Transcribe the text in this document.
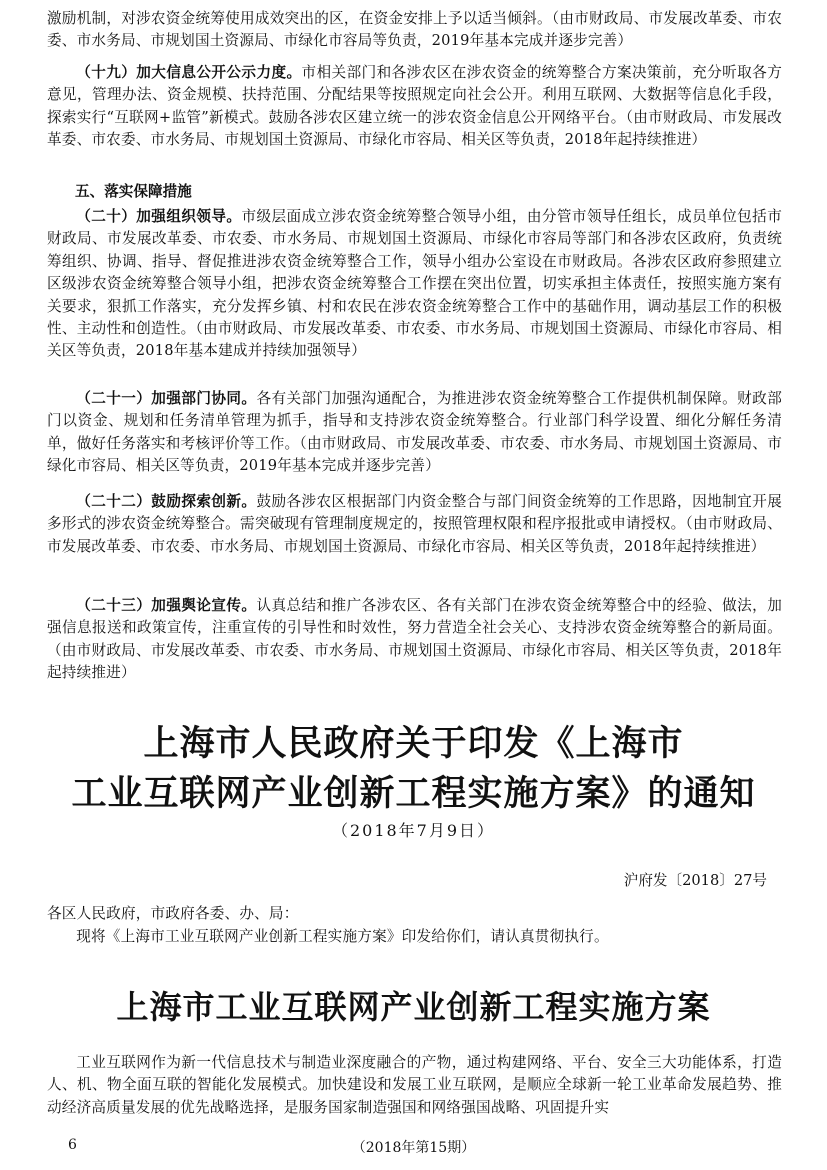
激励机制，对涉农资金统筹使用成效突出的区，在资金安排上予以适当倾斜。（由市财政局、市发展改革委、市农委、市水务局、市规划国土资源局、市绿化市容局等负责，2019年基本完成并逐步完善）

（十九）加大信息公开公示力度。市相关部门和各涉农区在涉农资金的统筹整合方案决策前，充分听取各方意见，管理办法、资金规模、扶持范围、分配结果等按照规定向社会公开。利用互联网、大数据等信息化手段，探索实行“互联网+监管”新模式。鼓励各涉农区建立统一的涉农资金信息公开网络平台。（由市财政局、市发展改革委、市农委、市水务局、市规划国土资源局、市绿化市容局、相关区等负责，2018年起持续推进）

五、落实保障措施

（二十）加强组织领导。市级层面成立涉农资金统筹整合领导小组，由分管市领导任组长，成员单位包括市财政局、市发展改革委、市农委、市水务局、市规划国土资源局、市绿化市容局等部门和各涉农区政府，负责统筹组织、协调、指导、督促推进涉农资金统筹整合工作，领导小组办公室设在市财政局。各涉农区政府参照建立区级涉农资金统筹整合领导小组，把涉农资金统筹整合工作摆在突出位置，切实承担主体责任，按照实施方案有关要求，狠抓工作落实，充分发挥乡镇、村和农民在涉农资金统筹整合工作中的基础作用，调动基层工作的积极性、主动性和创造性。（由市财政局、市发展改革委、市农委、市水务局、市规划国土资源局、市绿化市容局、相关区等负责，2018年基本建成并持续加强领导）

（二十一）加强部门协同。各有关部门加强沟通配合，为推进涉农资金统筹整合工作提供机制保障。财政部门以资金、规划和任务清单管理为抓手，指导和支持涉农资金统筹整合。行业部门科学设置、细化分解任务清单，做好任务落实和考核评价等工作。（由市财政局、市发展改革委、市农委、市水务局、市规划国土资源局、市绿化市容局、相关区等负责，2019年基本完成并逐步完善）

（二十二）鼓励探索创新。鼓励各涉农区根据部门内资金整合与部门间资金统筹的工作思路，因地制宜开展多形式的涉农资金统筹整合。需突破现有管理制度规定的，按照管理权限和程序报批或申请授权。（由市财政局、市发展改革委、市农委、市水务局、市规划国土资源局、市绿化市容局、相关区等负责，2018年起持续推进）

（二十三）加强舆论宣传。认真总结和推广各涉农区、各有关部门在涉农资金统筹整合中的经验、做法，加强信息报送和政策宣传，注重宣传的引导性和时效性，努力营造全社会关心、支持涉农资金统筹整合的新局面。（由市财政局、市发展改革委、市农委、市水务局、市规划国土资源局、市绿化市容局、相关区等负责，2018年起持续推进）

上海市人民政府关于印发《上海市
工业互联网产业创新工程实施方案》的通知

（2018年7月9日）

沪府发〔2018〕27号

各区人民政府，市政府各委、办、局：

现将《上海市工业互联网产业创新工程实施方案》印发给你们，请认真贯彻执行。

上海市工业互联网产业创新工程实施方案

工业互联网作为新一代信息技术与制造业深度融合的产物，通过构建网络、平台、安全三大功能体系，打造人、机、物全面互联的智能化发展模式。加快建设和发展工业互联网，是顺应全球新一轮工业革命发展趋势、推动经济高质量发展的优先战略选择，是服务国家制造强国和网络强国战略、巩固提升实

6	（2018年第15期）
